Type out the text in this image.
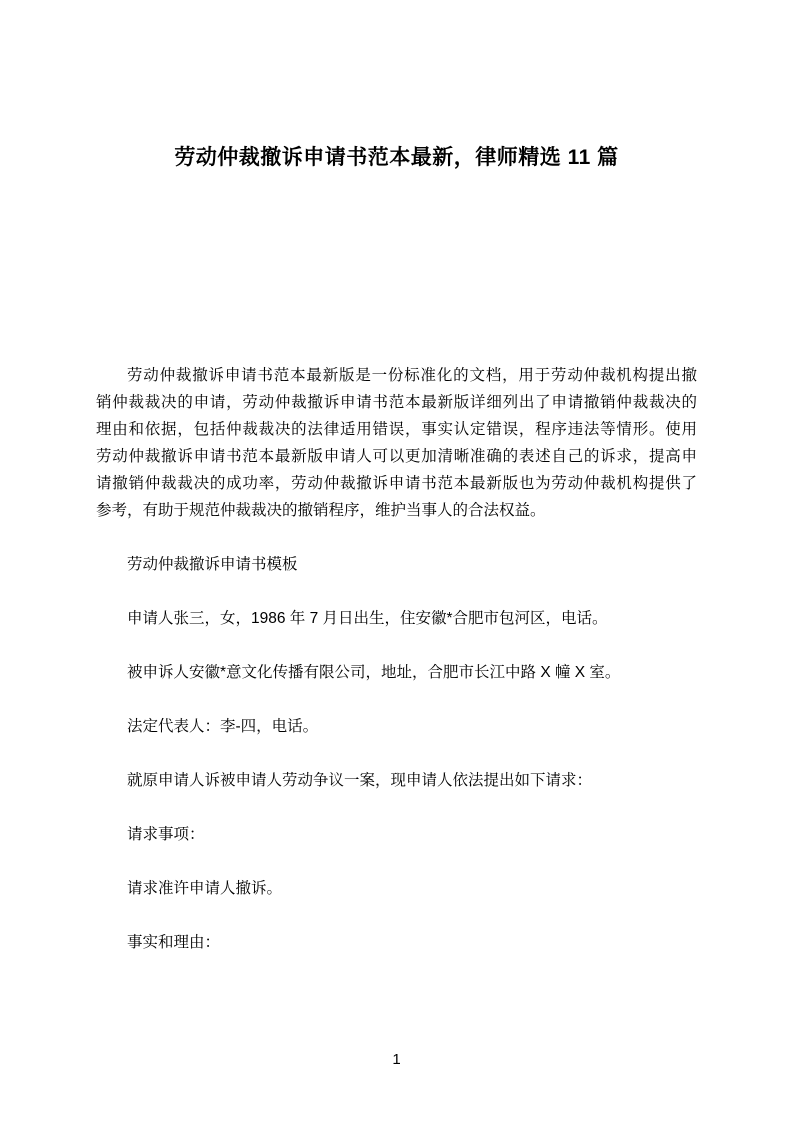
劳动仲裁撤诉申请书范本最新，律师精选 11 篇
劳动仲裁撤诉申请书范本最新版是一份标准化的文档，用于劳动仲裁机构提出撤
销仲裁裁决的申请，劳动仲裁撤诉申请书范本最新版详细列出了申请撤销仲裁裁决的
理由和依据，包括仲裁裁决的法律适用错误，事实认定错误，程序违法等情形。使用
劳动仲裁撤诉申请书范本最新版申请人可以更加清晰准确的表述自己的诉求，提高申
请撤销仲裁裁决的成功率，劳动仲裁撤诉申请书范本最新版也为劳动仲裁机构提供了
参考，有助于规范仲裁裁决的撤销程序，维护当事人的合法权益。

劳动仲裁撤诉申请书模板

申请人张三，女，1986 年 7 月日出生，住安徽*合肥市包河区，电话。

被申诉人安徽*意文化传播有限公司，地址，合肥市长江中路 X 幢 X 室。

法定代表人：李-四，电话。

就原申请人诉被申请人劳动争议一案，现申请人依法提出如下请求：

请求事项：

请求准许申请人撤诉。

事实和理由：

1
